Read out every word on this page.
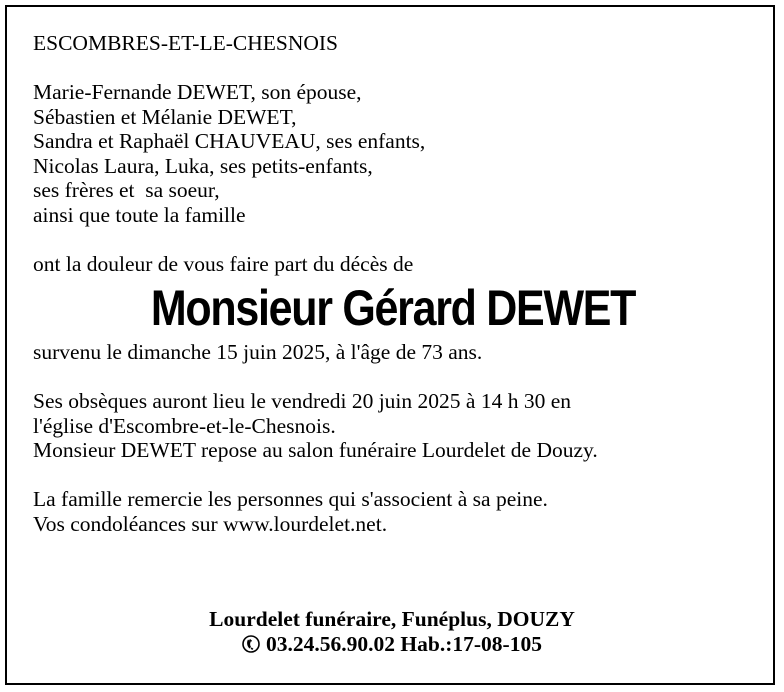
ESCOMBRES-ET-LE-CHESNOIS
Marie-Fernande DEWET, son épouse,
Sébastien et Mélanie DEWET,
Sandra et Raphaël CHAUVEAU, ses enfants,
Nicolas Laura, Luka, ses petits-enfants,
ses frères et  sa soeur,
ainsi que toute la famille
ont la douleur de vous faire part du décès de
Monsieur Gérard DEWET
survenu le dimanche 15 juin 2025, à l'âge de 73 ans.
Ses obsèques auront lieu le vendredi 20 juin 2025 à 14 h 30 en
l'église d'Escombre-et-le-Chesnois.
Monsieur DEWET repose au salon funéraire Lourdelet de Douzy.
La famille remercie les personnes qui s'associent à sa peine.
Vos condoléances sur www.lourdelet.net.
Lourdelet funéraire, Funéplus, DOUZY
03.24.56.90.02 Hab.:17-08-105
